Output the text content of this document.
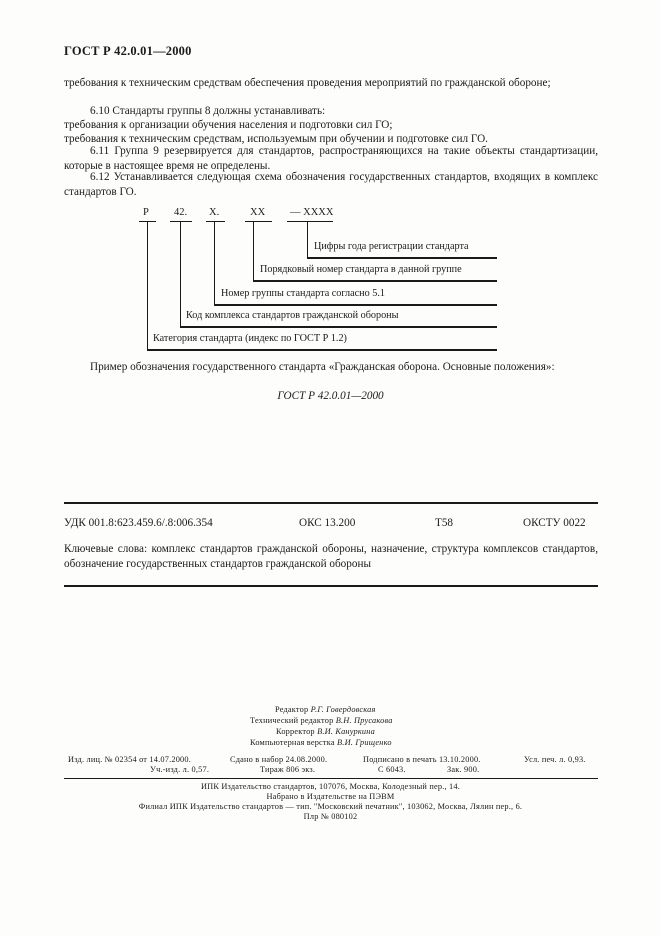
ГОСТ Р 42.0.01—2000
требования к техническим средствам обеспечения проведения мероприятий по гражданской обороне;
6.10 Стандарты группы 8 должны устанавливать:
требования к организации обучения населения и подготовки сил ГО;
требования к техническим средствам, используемым при обучении и подготовке сил ГО.
6.11 Группа 9 резервируется для стандартов, распространяющихся на такие объекты стандартизации, которые в настоящее время не определены.
6.12 Устанавливается следующая схема обозначения государственных стандартов, входящих в комплекс стандартов ГО.
Р 42. Х.	ХХ — ХХХХ
Цифры года регистрации стандарта
Порядковый номер стандарта в данной группе
Номер группы стандарта согласно 5.1
Код комплекса стандартов гражданской обороны
Категория стандарта (индекс по ГОСТ Р 1.2)
Пример обозначения государственного стандарта «Гражданская оборона. Основные положения»:
ГОСТ Р 42.0.01—2000
УДК 001.8:623.459.6/.8:006.354	ОКС 13.200	Т58	ОКСТУ 0022
Ключевые слова: комплекс стандартов гражданской обороны, назначение, структура комплексов стандартов, обозначение государственных стандартов гражданской обороны
Редактор Р.Г. Говердовская
Технический редактор В.Н. Прусакова
Корректор В.И. Кануркина
Компьютерная верстка В.И. Грищенко
Изд. лиц. № 02354 от 14.07.2000.	Сдано в набор 24.08.2000.	Подписано в печать 13.10.2000.	Усл. печ. л. 0,93.
Уч.-изд. л. 0,57.	Тираж 806 экз.	С 6043.	Зак. 900.
ИПК Издательство стандартов, 107076, Москва, Колодезный пер., 14.
Набрано в Издательстве на ПЭВМ
Филиал ИПК Издательство стандартов — тип. "Московский печатник", 103062, Москва, Лялин пер., 6.
Плр № 080102
